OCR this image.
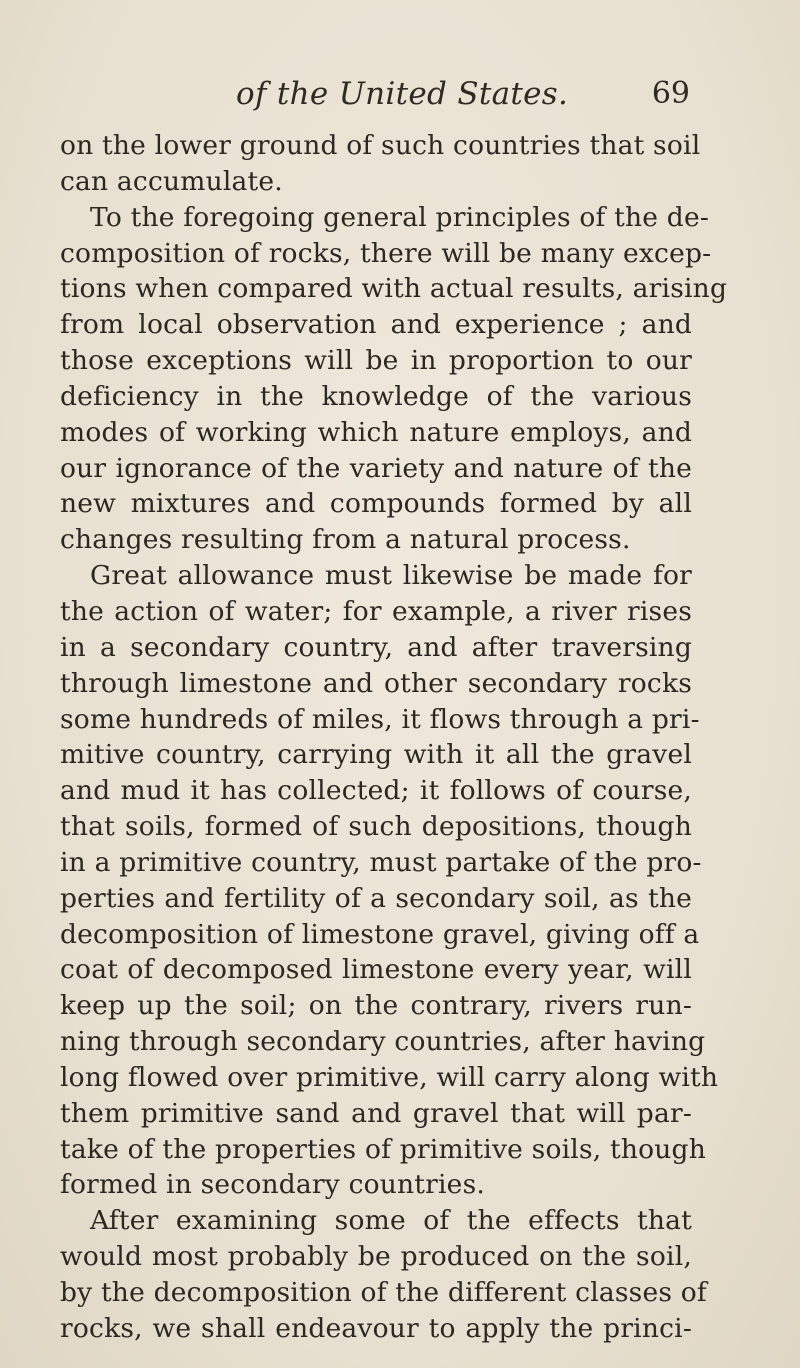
of the United States.	69
on the lower ground of such countries that soil
can accumulate.
To the foregoing general principles of the de-
composition of rocks, there will be many excep-
tions when compared with actual results, arising
from local observation and experience ; and
those exceptions will be in proportion to our
deficiency in the knowledge of the various
modes of working which nature employs, and
our ignorance of the variety and nature of the
new mixtures and compounds formed by all
changes resulting from a natural process.
Great allowance must likewise be made for
the action of water; for example, a river rises
in a secondary country, and after traversing
through limestone and other secondary rocks
some hundreds of miles, it flows through a pri-
mitive country, carrying with it all the gravel
and mud it has collected; it follows of course,
that soils, formed of such depositions, though
in a primitive country, must partake of the pro-
perties and fertility of a secondary soil, as the
decomposition of limestone gravel, giving off a
coat of decomposed limestone every year, will
keep up the soil; on the contrary, rivers run-
ning through secondary countries, after having
long flowed over primitive, will carry along with
them primitive sand and gravel that will par-
take of the properties of primitive soils, though
formed in secondary countries.
After examining some of the effects that
would most probably be produced on the soil,
by the decomposition of the different classes of
rocks, we shall endeavour to apply the princi-
